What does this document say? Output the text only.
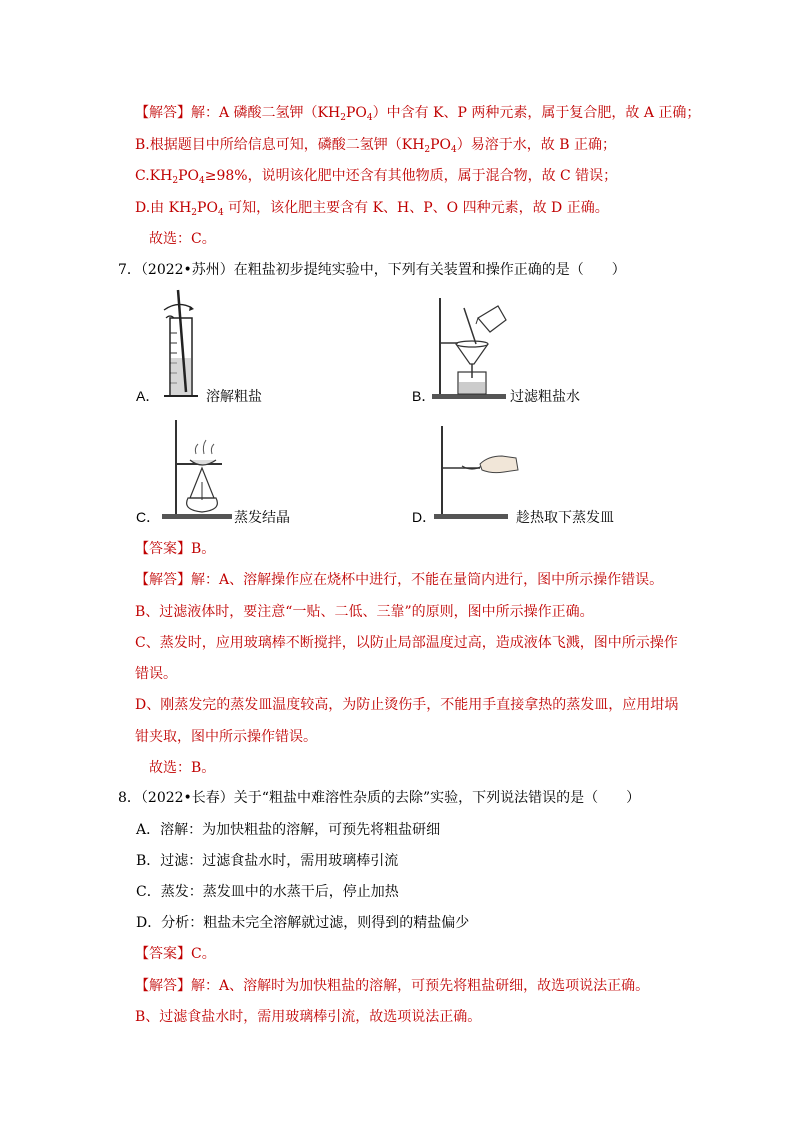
【解答】解：A 磷酸二氢钾$(KH_2PO_4)$中含有 K、P 两种元素，属于复合肥，故 A 正确；
B.根据题目中所给信息可知，磷酸二氢钾$(KH_2PO_4)$易溶于水，故 B 正确；
$C.KH_2PO_4\ge 98\%$，说明该化肥中还含有其他物质，属于混合物，故 C 错误；
D.由 $KH_2PO_4$ 可知，该化肥主要含有 K、H、P、O 四种元素，故 D 正确。
故选：C。
7．（2022•苏州）在粗盐初步提纯实验中，下列有关装置和操作正确的是（　　）
A．	溶解粗盐	B．	过滤粗盐水
C．	蒸发结晶	D．	趁热取下蒸发皿
【答案】B。
【解答】解：A、溶解操作应在烧杯中进行，不能在量筒内进行，图中所示操作错误。
B、过滤液体时，要注意“一贴、二低、三靠”的原则，图中所示操作正确。
C、蒸发时，应用玻璃棒不断搅拌，以防止局部温度过高，造成液体飞溅，图中所示操作
错误。
D、刚蒸发完的蒸发皿温度较高，为防止烫伤手，不能用手直接拿热的蒸发皿，应用坩埚
钳夹取，图中所示操作错误。
故选：B。
8．（2022•长春）关于“粗盐中难溶性杂质的去除”实验，下列说法错误的是（　　）
A．溶解：为加快粗盐的溶解，可预先将粗盐研细
B．过滤：过滤食盐水时，需用玻璃棒引流
C．蒸发：蒸发皿中的水蒸干后，停止加热
D．分析：粗盐未完全溶解就过滤，则得到的精盐偏少
【答案】C。
【解答】解：A、溶解时为加快粗盐的溶解，可预先将粗盐研细，故选项说法正确。
B、过滤食盐水时，需用玻璃棒引流，故选项说法正确。
